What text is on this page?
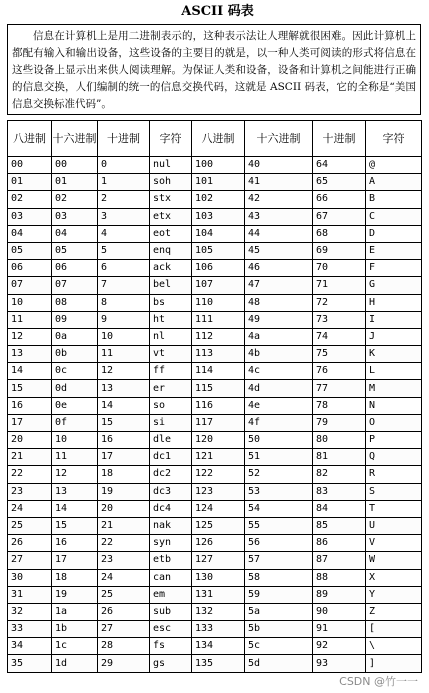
ASCII 码表
信息在计算机上是用二进制表示的，这种表示法让人理解就很困难。因此计算机上都配有输入和输出设备，这些设备的主要目的就是，以一种人类可阅读的形式将信息在这些设备上显示出来供人阅读理解。为保证人类和设备，设备和计算机之间能进行正确的信息交换，人们编制的统一的信息交换代码，这就是 ASCII 码表，它的全称是“美国信息交换标准代码”。
八进制	十六进制	十进制	字符	八进制	十六进制	十进制	字符
00	00	0	nul	100	40	64	@
01	01	1	soh	101	41	65	A
02	02	2	stx	102	42	66	B
03	03	3	etx	103	43	67	C
04	04	4	eot	104	44	68	D
05	05	5	enq	105	45	69	E
06	06	6	ack	106	46	70	F
07	07	7	bel	107	47	71	G
10	08	8	bs	110	48	72	H
11	09	9	ht	111	49	73	I
12	0a	10	nl	112	4a	74	J
13	0b	11	vt	113	4b	75	K
14	0c	12	ff	114	4c	76	L
15	0d	13	er	115	4d	77	M
16	0e	14	so	116	4e	78	N
17	0f	15	si	117	4f	79	O
20	10	16	dle	120	50	80	P
21	11	17	dc1	121	51	81	Q
22	12	18	dc2	122	52	82	R
23	13	19	dc3	123	53	83	S
24	14	20	dc4	124	54	84	T
25	15	21	nak	125	55	85	U
26	16	22	syn	126	56	86	V
27	17	23	etb	127	57	87	W
30	18	24	can	130	58	88	X
31	19	25	em	131	59	89	Y
32	1a	26	sub	132	5a	90	Z
33	1b	27	esc	133	5b	91	[
34	1c	28	fs	134	5c	92	\
35	1d	29	gs	135	5d	93	]
CSDN @竹一一
